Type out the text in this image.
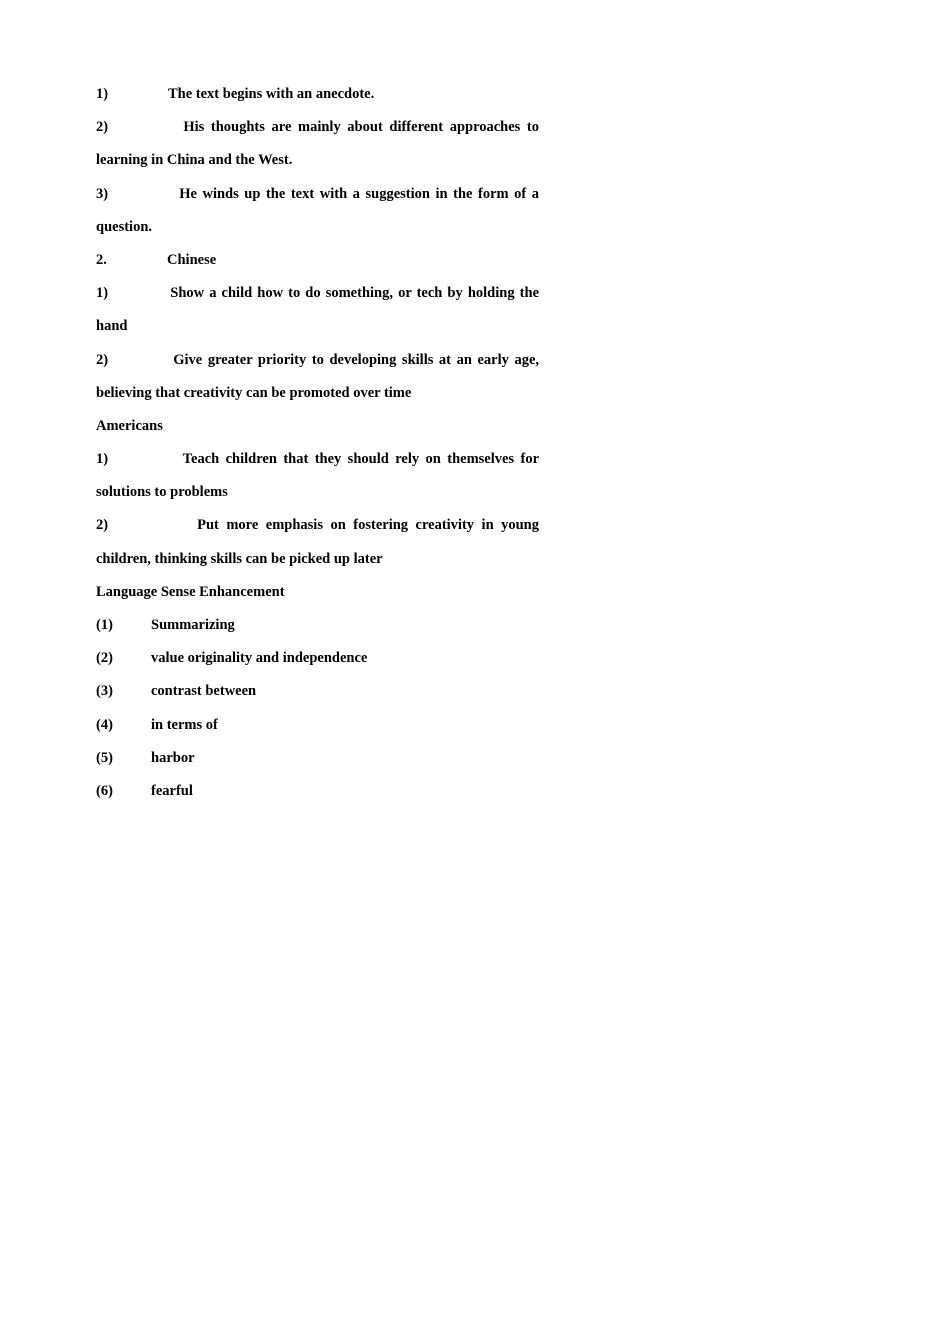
1)	The text begins with an anecdote.
2)	His thoughts are mainly about different approaches to
learning in China and the West.
3)	He winds up the text with a suggestion in the form of a
question.
2.	Chinese
1)	Show a child how to do something, or tech by holding the
hand
2)	Give greater priority to developing skills at an early age,
believing that creativity can be promoted over time
Americans
1)	Teach children that they should rely on themselves for
solutions to problems
2)	Put more emphasis on fostering creativity in young
children, thinking skills can be picked up later
Language Sense Enhancement
(1)	Summarizing
(2)	value originality and independence
(3)	contrast between
(4)	in terms of
(5)	harbor
(6)	fearful
